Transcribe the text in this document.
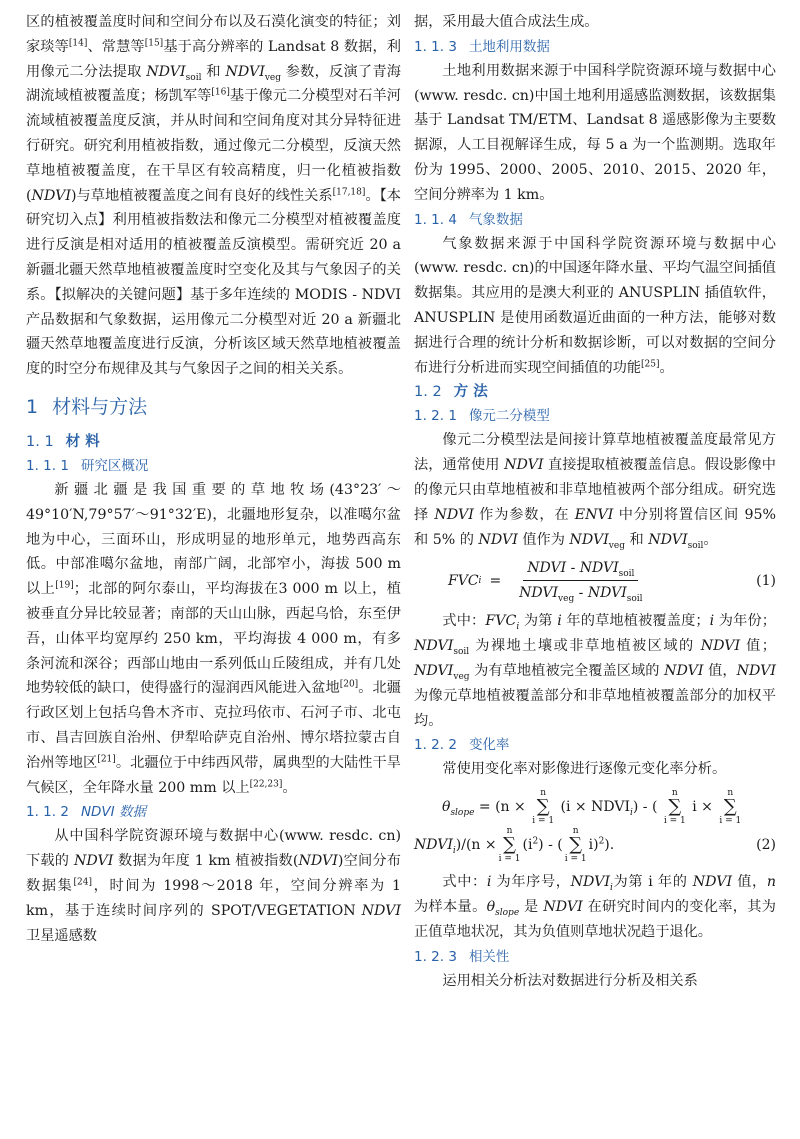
区的植被覆盖度时间和空间分布以及石漠化演变的特征；刘家琰等[14]、常慧等[15]基于高分辨率的 Landsat 8 数据，利用像元二分法提取 $NDVI_{soil}$ 和 $NDVI_{veg}$ 参数，反演了青海湖流域植被覆盖度；杨凯军等[16]基于像元二分模型对石羊河流域植被覆盖度反演，并从时间和空间角度对其分异特征进行研究。研究利用植被指数，通过像元二分模型，反演天然草地植被覆盖度，在干旱区有较高精度，归一化植被指数(NDVI)与草地植被覆盖度之间有良好的线性关系[17,18]。【本研究切入点】利用植被指数法和像元二分模型对植被覆盖度进行反演是相对适用的植被覆盖反演模型。需研究近 20 a 新疆北疆天然草地植被覆盖度时空变化及其与气象因子的关系。【拟解决的关键问题】基于多年连续的 MODIS - NDVI 产品数据和气象数据，运用像元二分模型对近 20 a 新疆北疆天然草地覆盖度进行反演，分析该区域天然草地植被覆盖度的时空分布规律及其与气象因子之间的相关关系。

1 材料与方法
1. 1 材 料
1. 1. 1 研究区概况

新疆北疆是我国重要的草地牧场(43°23′～49°10′N,79°57′～91°32′E)，北疆地形复杂，以准噶尔盆地为中心，三面环山，形成明显的地形单元，地势西高东低。中部准噶尔盆地，南部广阔，北部窄小，海拔 500 m 以上[19]；北部的阿尔泰山，平均海拔在3 000 m 以上，植被垂直分异比较显著；南部的天山山脉，西起乌恰，东至伊吾，山体平均宽厚约 250 km，平均海拔 4 000 m，有多条河流和深谷；西部山地由一系列低山丘陵组成，并有几处地势较低的缺口，使得盛行的湿润西风能进入盆地[20]。北疆行政区划上包括乌鲁木齐市、克拉玛依市、石河子市、北屯市、昌吉回族自治州、伊犁哈萨克自治州、博尔塔拉蒙古自治州等地区[21]。北疆位于中纬西风带，属典型的大陆性干旱气候区，全年降水量 200 mm 以上[22,23]。

1. 1. 2 NDVI 数据

从中国科学院资源环境与数据中心(www. resdc. cn)下载的 NDVI 数据为年度 1 km 植被指数(NDVI)空间分布数据集[24]，时间为 1998～2018 年，空间分辨率为 1 km，基于连续时间序列的 SPOT/VEGETATION NDVI 卫星遥感数

据，采用最大值合成法生成。

1. 1. 3 土地利用数据

土地利用数据来源于中国科学院资源环境与数据中心(www. resdc. cn)中国土地利用遥感监测数据，该数据集基于 Landsat TM/ETM、Landsat 8 遥感影像为主要数据源，人工目视解译生成，每 5 a 为一个监测期。选取年份为 1995、2000、2005、2010、2015、2020 年，空间分辨率为 1 km。

1. 1. 4 气象数据

气象数据来源于中国科学院资源环境与数据中心(www. resdc. cn)的中国逐年降水量、平均气温空间插值数据集。其应用的是澳大利亚的 ANUSPLIN 插值软件，ANUSPLIN 是使用函数逼近曲面的一种方法，能够对数据进行合理的统计分析和数据诊断，可以对数据的空间分布进行分析进而实现空间插值的功能[25]。

1. 2 方 法
1. 2. 1 像元二分模型

像元二分模型法是间接计算草地植被覆盖度最常见方法，通常使用 NDVI 直接提取植被覆盖信息。假设影像中的像元只由草地植被和非草地植被两个部分组成。研究选择 NDVI 作为参数，在 ENVI 中分别将置信区间 95% 和 5% 的 NDVI 值作为 $NDVI_{veg}$ 和 $NDVI_{soil}$。

FVC $i = \frac{NDVI - NDVI_{soil}}{NDVI_{veg} - NDVI_{soil}}$	(1)

式中：$FVC_i$ 为第 i 年的草地植被覆盖度；i 为年份；$NDVI_{soil}$ 为裸地土壤或非草地植被区域的 NDVI 值；$NDVI_{veg}$ 为有草地植被完全覆盖区域的 NDVI 值，NDVI 为像元草地植被覆盖部分和非草地植被覆盖部分的加权平均。

1. 2. 2 变化率

常使用变化率对影像进行逐像元变化率分析。

$\theta_{slope} = (n$ ×
n
∑
i = 1
$(i \times NDVI_i)$ - (
n
∑
i = 1
i ×
n
∑
i = 1
$NDVI_i)/(n$ ×
n
∑
i = 1
$(i^2)$ - (
n
∑
i = 1
i)$^2$).	(2)

式中：i 为年序号，$NDVI_i$为第 i 年的 NDVI 值，n 为样本量。$\theta_{slope}$ 是 NDVI 在研究时间内的变化率，其为正值草地状况，其为负值则草地状况趋于退化。

1. 2. 3 相关性

运用相关分析法对数据进行分析及相关系
